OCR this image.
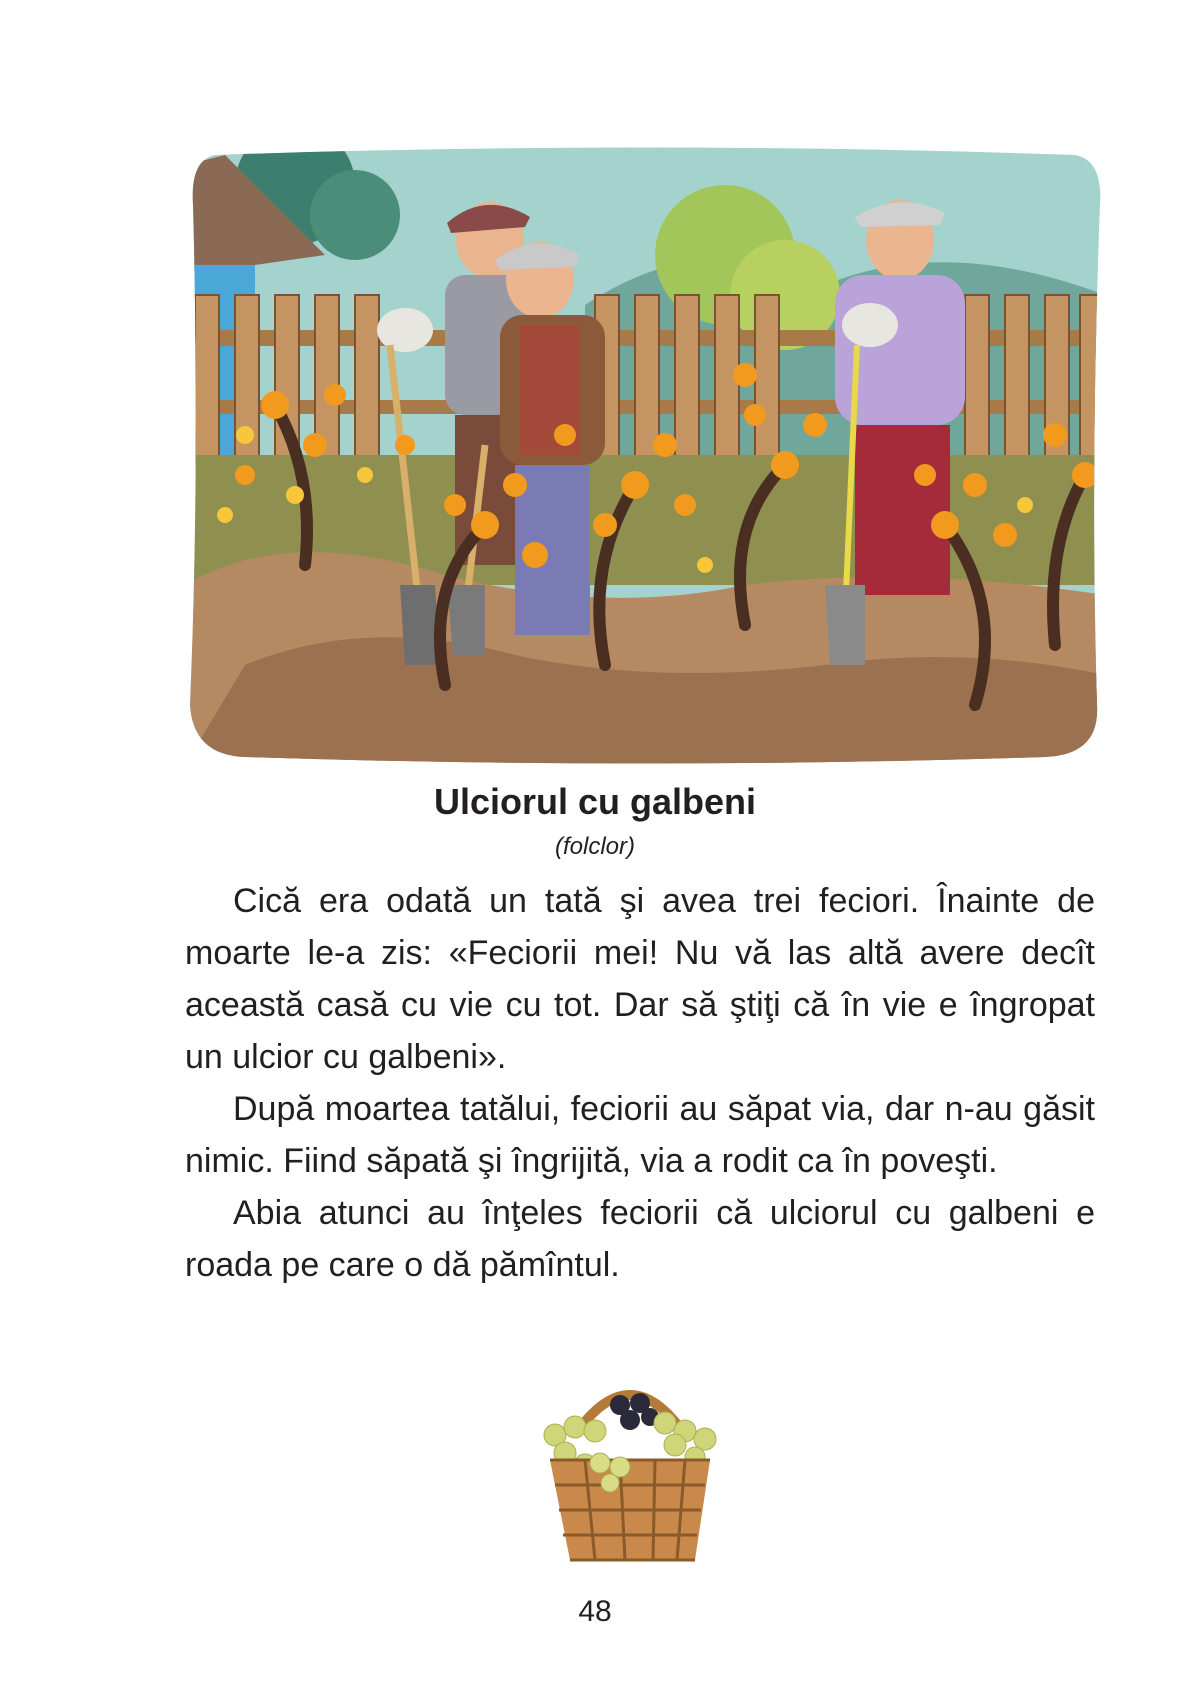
Ulciorul cu galbeni
(folclor)

Cică era odată un tată şi avea trei feciori. Înainte de moarte le-a zis: «Feciorii mei! Nu vă las altă avere decît această casă cu vie cu tot. Dar să ştiţi că în vie e îngropat un ulcior cu galbeni».

După moartea tatălui, feciorii au săpat via, dar n-au găsit nimic. Fiind săpată şi îngrijită, via a rodit ca în poveşti.

Abia atunci au înţeles feciorii că ulciorul cu galbeni e roada pe care o dă pămîntul.

48
